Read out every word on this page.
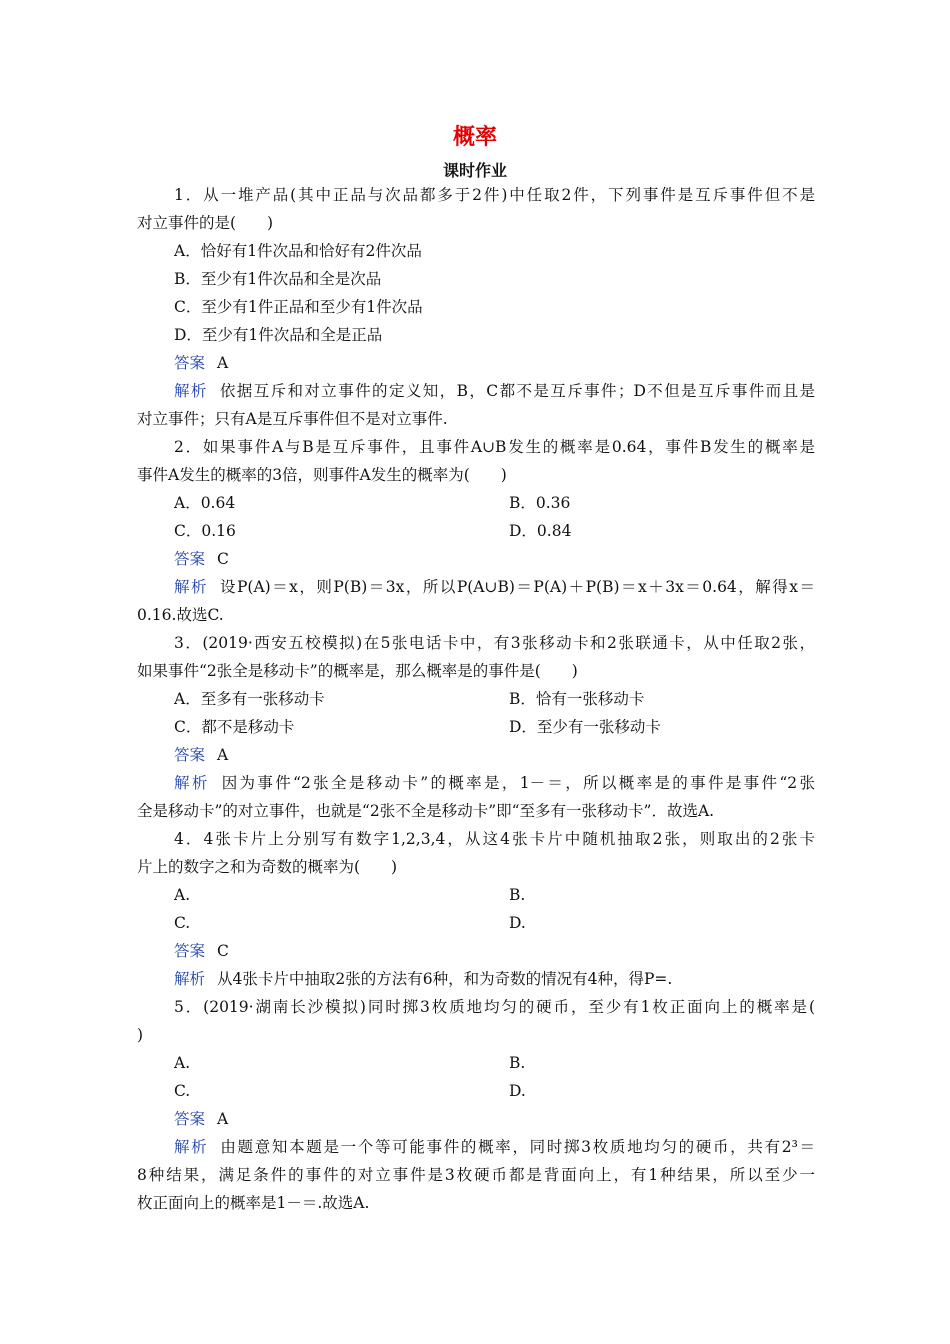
概率
课时作业
1．从一堆产品(其中正品与次品都多于2件)中任取2件，下列事件是互斥事件但不是
对立事件的是(　　)
A．恰好有1件次品和恰好有2件次品
B．至少有1件次品和全是次品
C．至少有1件正品和至少有1件次品
D．至少有1件次品和全是正品
答案 A
解析 依据互斥和对立事件的定义知，B，C都不是互斥事件；D不但是互斥事件而且是
对立事件；只有A是互斥事件但不是对立事件.
2．如果事件A与B是互斥事件，且事件A∪B发生的概率是0.64，事件B发生的概率是
事件A发生的概率的3倍，则事件A发生的概率为(　　)
A．0.64	B．0.36
C．0.16	D．0.84
答案 C
解析 设P(A)＝x，则P(B)＝3x，所以P(A∪B)＝P(A)＋P(B)＝x＋3x＝0.64，解得x＝
0.16.故选C.
3．(2019·西安五校模拟)在5张电话卡中，有3张移动卡和2张联通卡，从中任取2张，
如果事件“2张全是移动卡”的概率是，那么概率是的事件是(　　)
A．至多有一张移动卡	B．恰有一张移动卡
C．都不是移动卡	D．至少有一张移动卡
答案 A
解析 因为事件“2张全是移动卡”的概率是，1－＝，所以概率是的事件是事件“2张
全是移动卡”的对立事件，也就是“2张不全是移动卡”即“至多有一张移动卡”．故选A.
4．4张卡片上分别写有数字1,2,3,4，从这4张卡片中随机抽取2张，则取出的2张卡
片上的数字之和为奇数的概率为(　　)
A.	B.
C.	D.
答案 C
解析 从4张卡片中抽取2张的方法有6种，和为奇数的情况有4种，得P=.
5．(2019·湖南长沙模拟)同时掷3枚质地均匀的硬币，至少有1枚正面向上的概率是(
)
A.	B.
C.	D.
答案 A
解析 由题意知本题是一个等可能事件的概率，同时掷3枚质地均匀的硬币，共有2³＝
8种结果，满足条件的事件的对立事件是3枚硬币都是背面向上，有1种结果，所以至少一
枚正面向上的概率是1－＝.故选A.
